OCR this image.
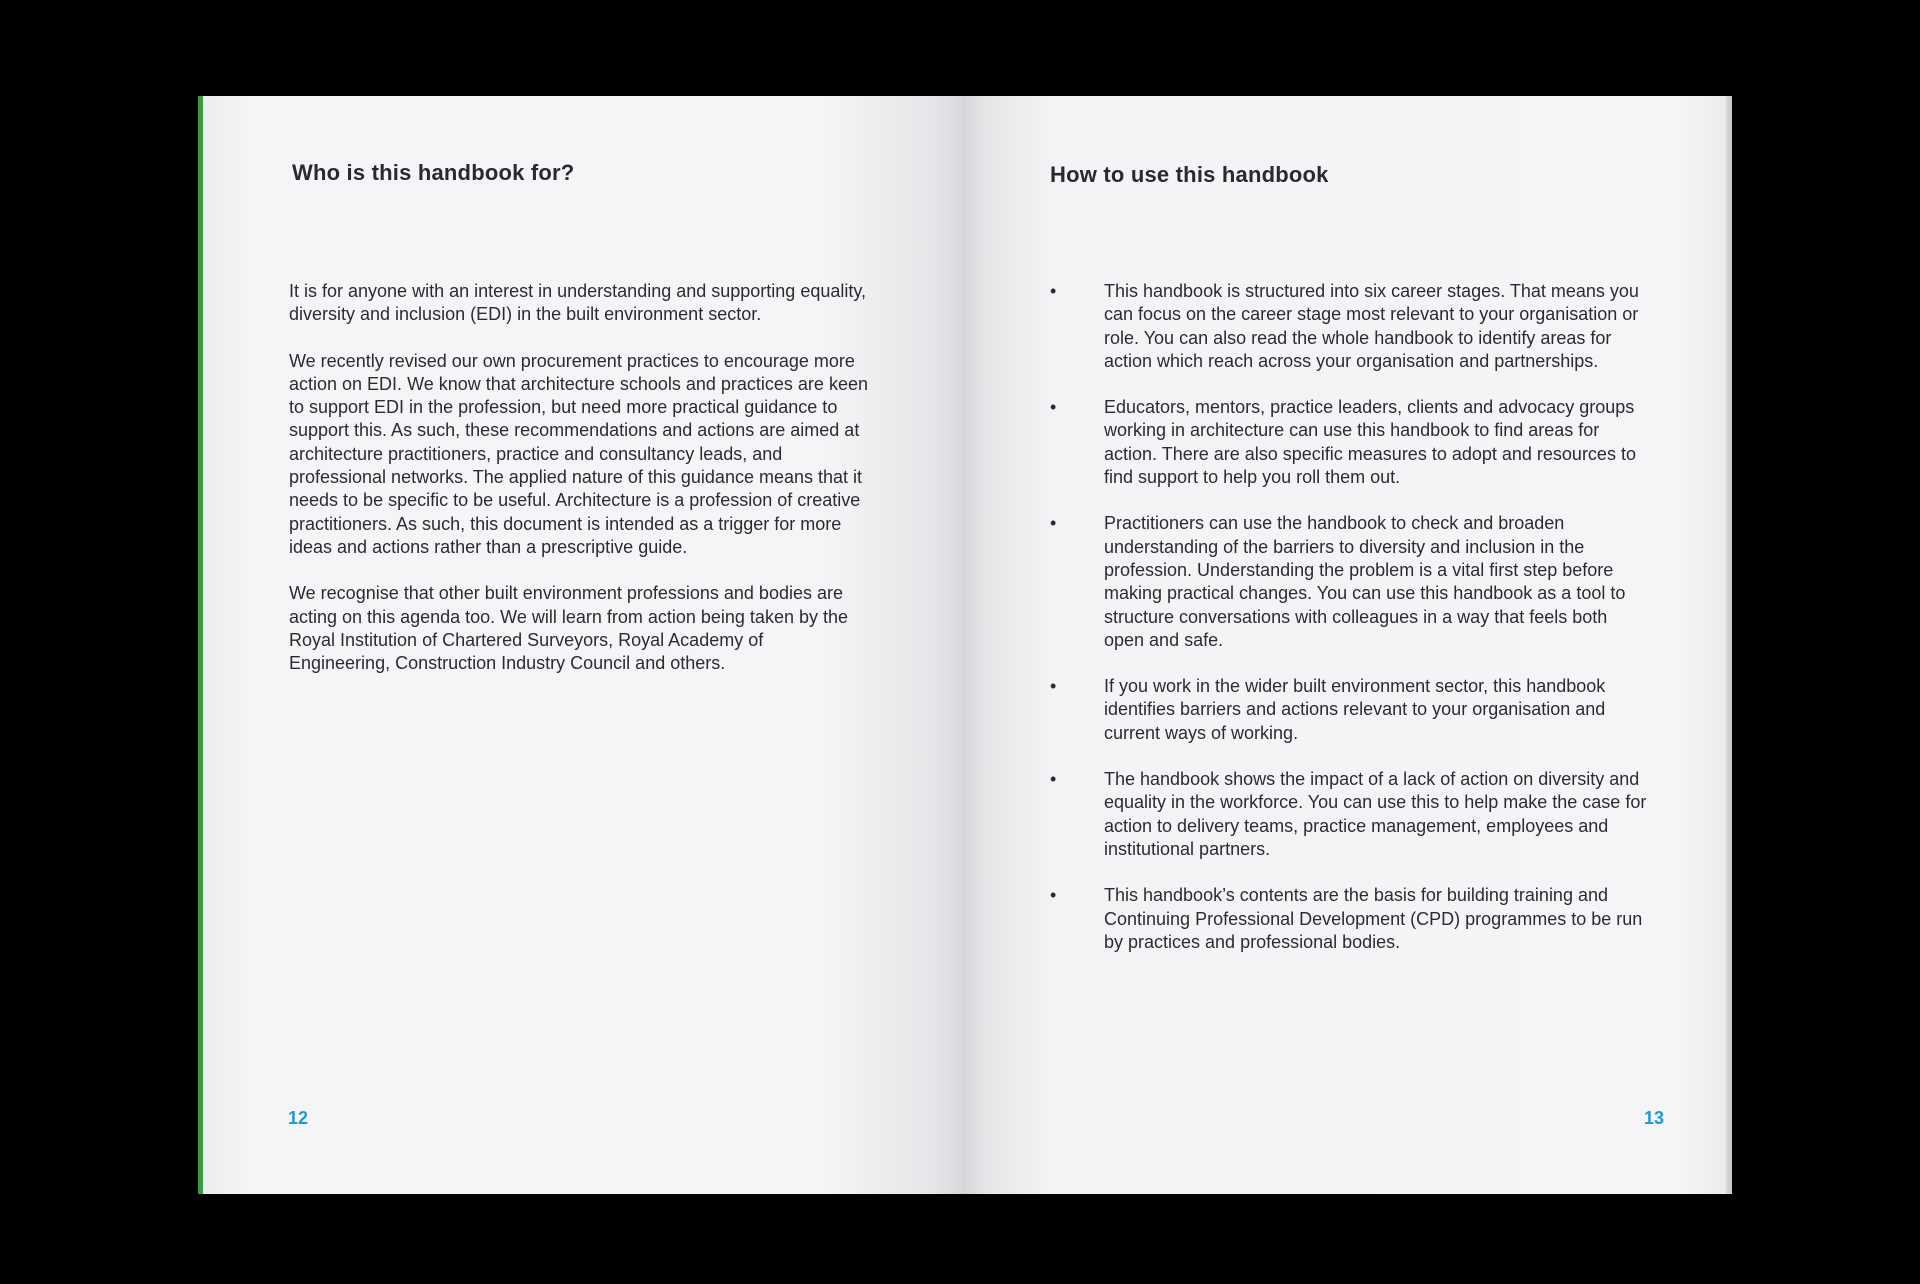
Who is this handbook for?

It is for anyone with an interest in understanding and supporting equality, diversity and inclusion (EDI) in the built environment sector.

We recently revised our own procurement practices to encourage more action on EDI. We know that architecture schools and practices are keen to support EDI in the profession, but need more practical guidance to support this. As such, these recommendations and actions are aimed at architecture practitioners, practice and consultancy leads, and professional networks. The applied nature of this guidance means that it needs to be specific to be useful. Architecture is a profession of creative practitioners. As such, this document is intended as a trigger for more ideas and actions rather than a prescriptive guide.

We recognise that other built environment professions and bodies are acting on this agenda too. We will learn from action being taken by the Royal Institution of Chartered Surveyors, Royal Academy of Engineering, Construction Industry Council and others.

12
How to use this handbook
•	This handbook is structured into six career stages. That means you can focus on the career stage most relevant to your organisation or role. You can also read the whole handbook to identify areas for action which reach across your organisation and partnerships.
•	Educators, mentors, practice leaders, clients and advocacy groups working in architecture can use this handbook to find areas for action. There are also specific measures to adopt and resources to find support to help you roll them out.
•	Practitioners can use the handbook to check and broaden understanding of the barriers to diversity and inclusion in the profession. Understanding the problem is a vital first step before making practical changes. You can use this handbook as a tool to structure conversations with colleagues in a way that feels both open and safe.
•	If you work in the wider built environment sector, this handbook identifies barriers and actions relevant to your organisation and current ways of working.
•	The handbook shows the impact of a lack of action on diversity and equality in the workforce. You can use this to help make the case for action to delivery teams, practice management, employees and institutional partners.
•	This handbook’s contents are the basis for building training and Continuing Professional Development (CPD) programmes to be run by practices and professional bodies.
13
